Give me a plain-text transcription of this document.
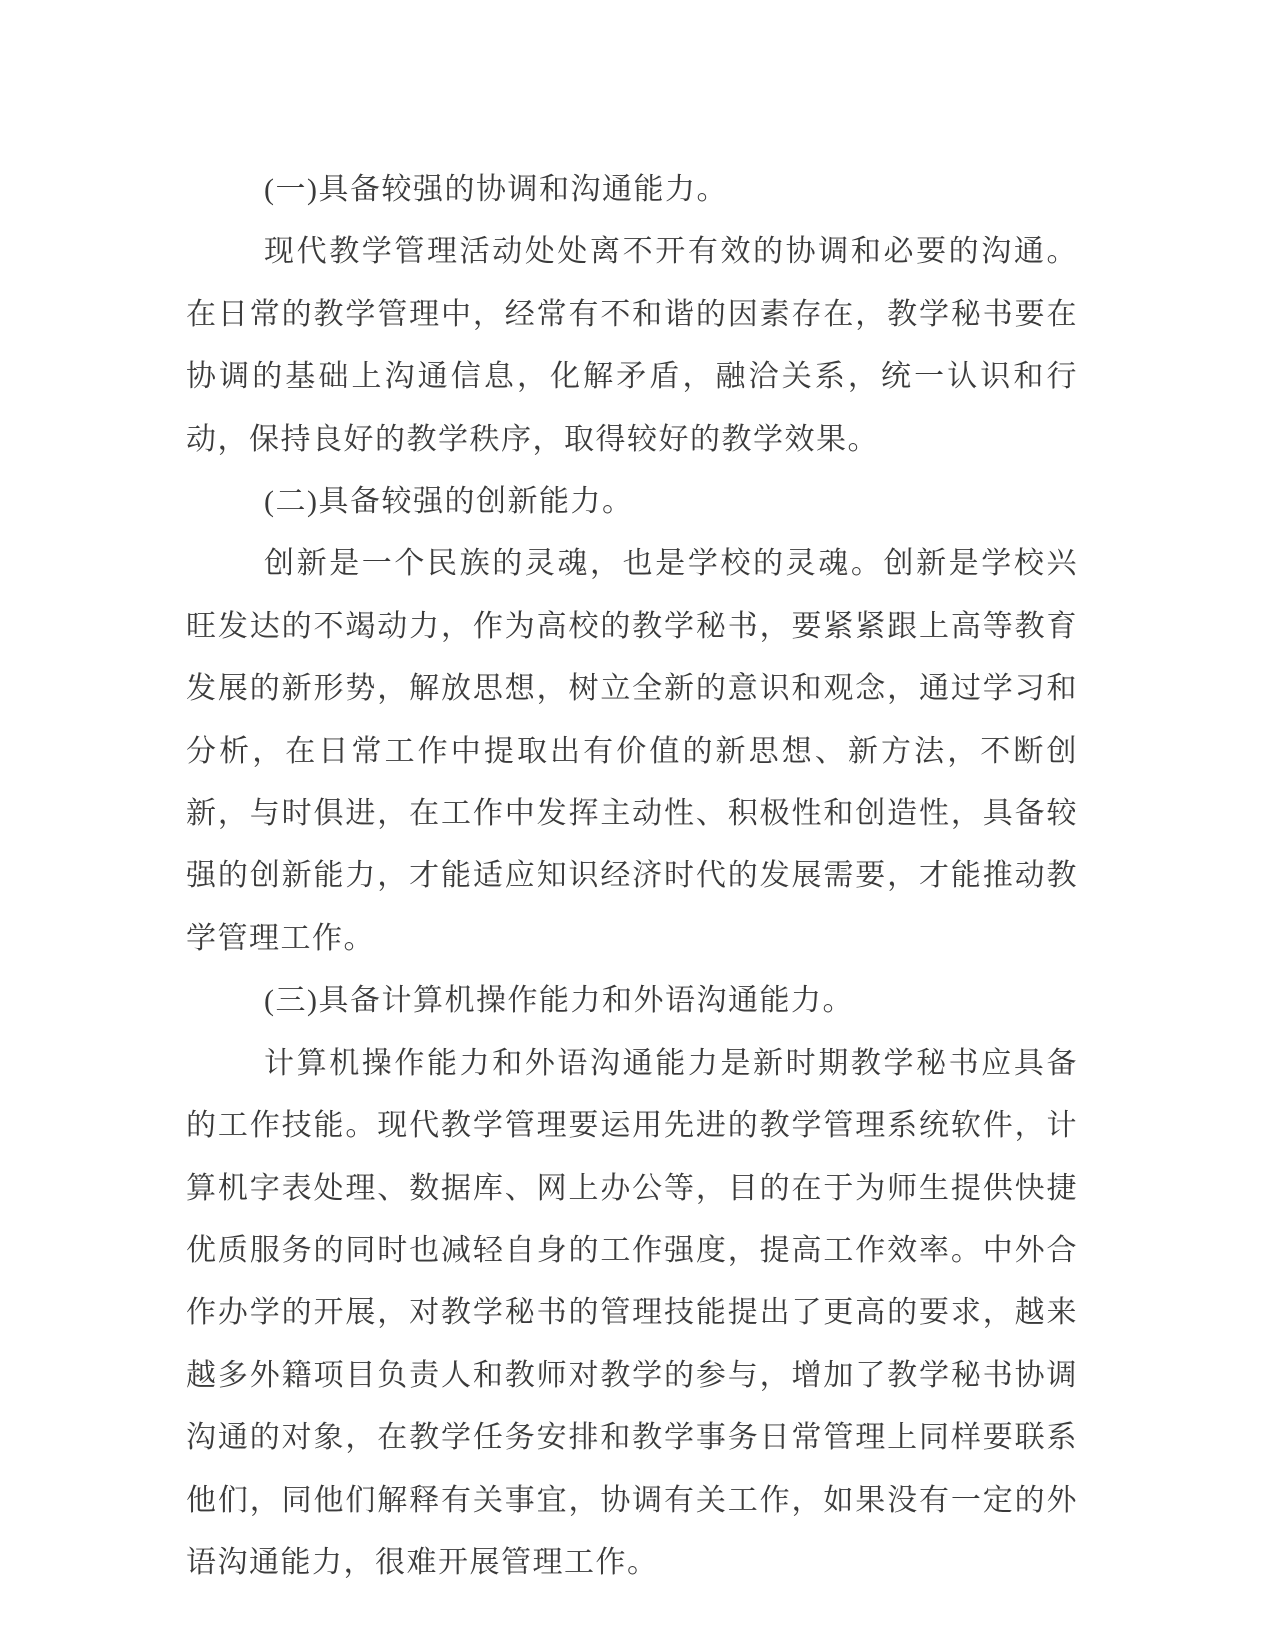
(一)具备较强的协调和沟通能力。

现代教学管理活动处处离不开有效的协调和必要的沟通。在日常的教学管理中，经常有不和谐的因素存在，教学秘书要在协调的基础上沟通信息，化解矛盾，融洽关系，统一认识和行动，保持良好的教学秩序，取得较好的教学效果。

(二)具备较强的创新能力。

创新是一个民族的灵魂，也是学校的灵魂。创新是学校兴旺发达的不竭动力，作为高校的教学秘书，要紧紧跟上高等教育发展的新形势，解放思想，树立全新的意识和观念，通过学习和分析，在日常工作中提取出有价值的新思想、新方法，不断创新，与时俱进，在工作中发挥主动性、积极性和创造性，具备较强的创新能力，才能适应知识经济时代的发展需要，才能推动教学管理工作。

(三)具备计算机操作能力和外语沟通能力。

计算机操作能力和外语沟通能力是新时期教学秘书应具备的工作技能。现代教学管理要运用先进的教学管理系统软件，计算机字表处理、数据库、网上办公等，目的在于为师生提供快捷优质服务的同时也减轻自身的工作强度，提高工作效率。中外合作办学的开展，对教学秘书的管理技能提出了更高的要求，越来越多外籍项目负责人和教师对教学的参与，增加了教学秘书协调沟通的对象，在教学任务安排和教学事务日常管理上同样要联系他们，同他们解释有关事宜，协调有关工作，如果没有一定的外语沟通能力，很难开展管理工作。
